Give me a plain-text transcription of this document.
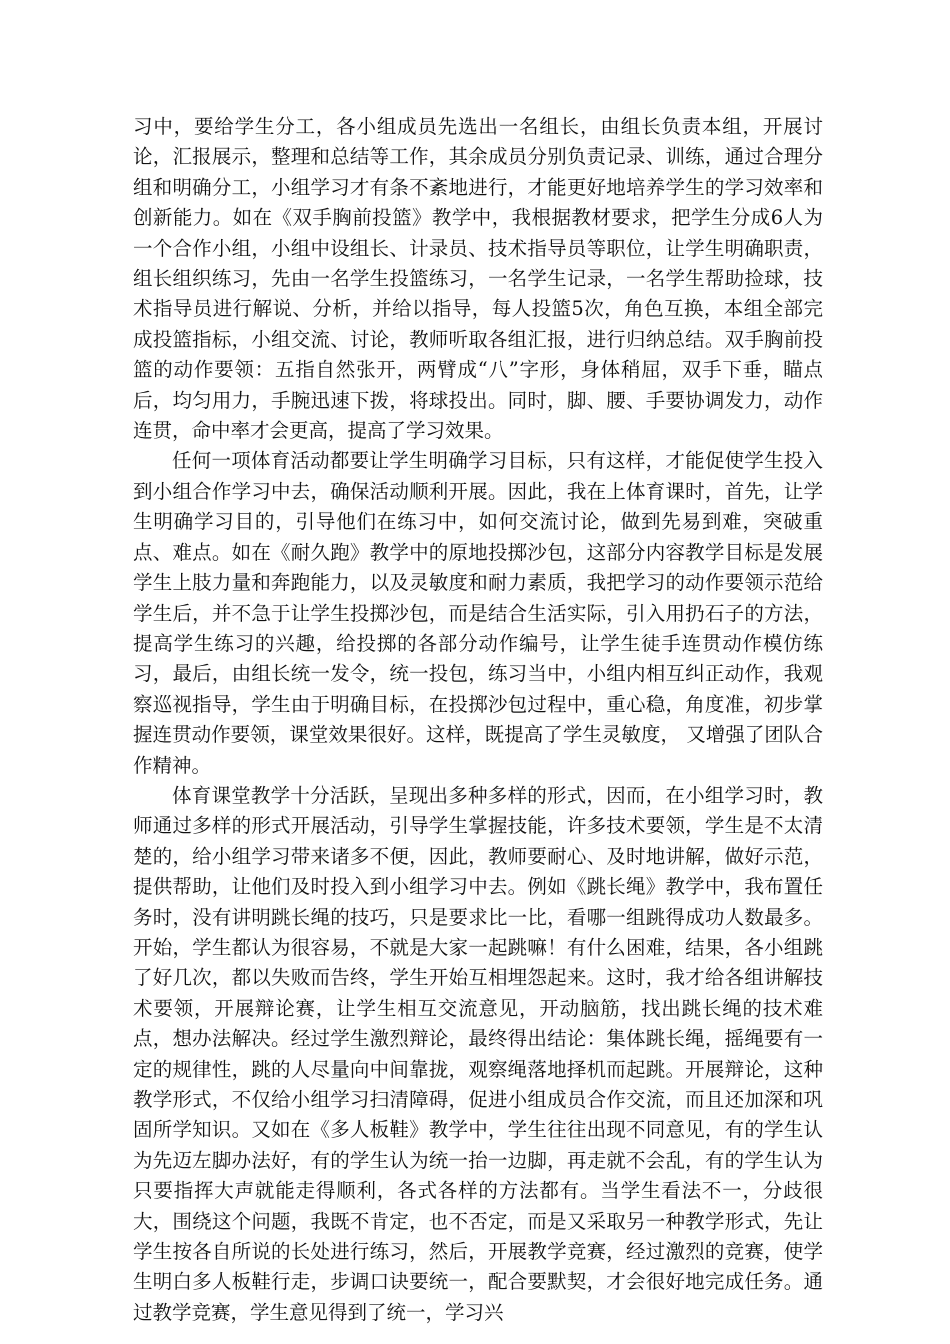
习中，要给学生分工，各小组成员先选出一名组长，由组长负责本组，开展讨论，汇报展示，整理和总结等工作，其余成员分别负责记录、训练，通过合理分组和明确分工，小组学习才有条不紊地进行，才能更好地培养学生的学习效率和创新能力。如在《双手胸前投篮》教学中，我根据教材要求，把学生分成6人为一个合作小组，小组中设组长、计录员、技术指导员等职位，让学生明确职责，组长组织练习，先由一名学生投篮练习，一名学生记录，一名学生帮助捡球，技术指导员进行解说、分析，并给以指导，每人投篮5次，角色互换，本组全部完成投篮指标，小组交流、讨论，教师听取各组汇报，进行归纳总结。双手胸前投篮的动作要领：五指自然张开，两臂成“八”字形，身体稍屈，双手下垂，瞄点后，均匀用力，手腕迅速下拨，将球投出。同时，脚、腰、手要协调发力，动作连贯，命中率才会更高，提高了学习效果。

任何一项体育活动都要让学生明确学习目标，只有这样，才能促使学生投入到小组合作学习中去，确保活动顺利开展。因此，我在上体育课时，首先，让学生明确学习目的，引导他们在练习中，如何交流讨论，做到先易到难，突破重点、难点。如在《耐久跑》教学中的原地投掷沙包，这部分内容教学目标是发展学生上肢力量和奔跑能力，以及灵敏度和耐力素质，我把学习的动作要领示范给学生后，并不急于让学生投掷沙包，而是结合生活实际，引入用扔石子的方法，提高学生练习的兴趣，给投掷的各部分动作编号，让学生徒手连贯动作模仿练习，最后，由组长统一发令，统一投包，练习当中，小组内相互纠正动作，我观察巡视指导，学生由于明确目标，在投掷沙包过程中，重心稳，角度准，初步掌握连贯动作要领，课堂效果很好。这样，既提高了学生灵敏度， 又增强了团队合作精神。

体育课堂教学十分活跃，呈现出多种多样的形式，因而，在小组学习时，教师通过多样的形式开展活动，引导学生掌握技能，许多技术要领，学生是不太清楚的，给小组学习带来诸多不便，因此，教师要耐心、及时地讲解，做好示范，提供帮助，让他们及时投入到小组学习中去。例如《跳长绳》教学中，我布置任务时，没有讲明跳长绳的技巧，只是要求比一比，看哪一组跳得成功人数最多。开始，学生都认为很容易，不就是大家一起跳嘛！有什么困难，结果，各小组跳了好几次，都以失败而告终，学生开始互相埋怨起来。这时，我才给各组讲解技术要领，开展辩论赛，让学生相互交流意见，开动脑筋，找出跳长绳的技术难点，想办法解决。经过学生激烈辩论，最终得出结论：集体跳长绳，摇绳要有一定的规律性，跳的人尽量向中间靠拢，观察绳落地择机而起跳。开展辩论，这种教学形式，不仅给小组学习扫清障碍，促进小组成员合作交流，而且还加深和巩固所学知识。又如在《多人板鞋》教学中，学生往往出现不同意见，有的学生认为先迈左脚办法好，有的学生认为统一抬一边脚，再走就不会乱，有的学生认为只要指挥大声就能走得顺利，各式各样的方法都有。当学生看法不一，分歧很大，围绕这个问题，我既不肯定，也不否定，而是又采取另一种教学形式，先让学生按各自所说的长处进行练习，然后，开展教学竞赛，经过激烈的竞赛，使学生明白多人板鞋行走，步调口诀要统一，配合要默契，才会很好地完成任务。通过教学竞赛，学生意见得到了统一，学习兴
